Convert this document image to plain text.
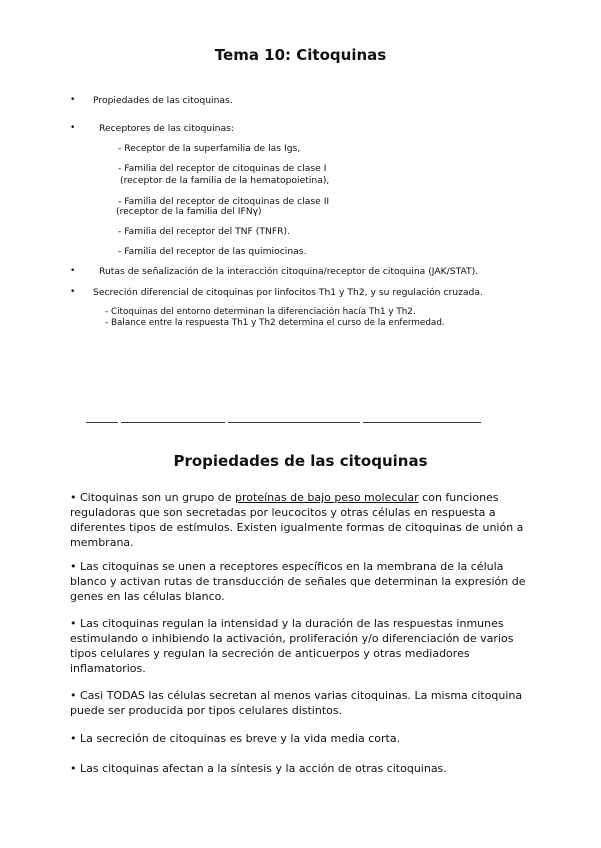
Tema 10: Citoquinas
• Propiedades de las citoquinas.
•	Receptores de las citoquinas:
- Receptor de la superfamilia de las Igs,
- Familia del receptor de citoquinas de clase I
(receptor de la familia de la hematopoietina),
- Familia del receptor de citoquinas de clase II
(receptor de la familia del IFNγ)
- Familia del receptor del TNF (TNFR).
- Familia del receptor de las quimiocinas.
•	Rutas de señalización de la interacción citoquina/receptor de citoquina (JAK/STAT).
• Secreción diferencial de citoquinas por linfocitos Th1 y Th2, y su regulación cruzada.
- Citoquinas del entorno determinan la diferenciación hacía Th1 y Th2.
- Balance entre la respuesta Th1 y Th2 determina el curso de la enfermedad.
Propiedades de las citoquinas
• Citoquinas son un grupo de proteínas de bajo peso molecular con funciones
reguladoras que son secretadas por leucocitos y otras células en respuesta a
diferentes tipos de estímulos. Existen igualmente formas de citoquinas de unión a
membrana.
• Las citoquinas se unen a receptores específicos en la membrana de la célula
blanco y activan rutas de transducción de señales que determinan la expresión de
genes en las células blanco.
• Las citoquinas regulan la intensidad y la duración de las respuestas inmunes
estimulando o inhibiendo la activación, proliferación y/o diferenciación de varios
tipos celulares y regulan la secreción de anticuerpos y otras mediadores
inflamatorios.
• Casi TODAS las células secretan al menos varias citoquinas. La misma citoquina
puede ser producida por tipos celulares distintos.
• La secreción de citoquinas es breve y la vida media corta.
• Las citoquinas afectan a la síntesis y la acción de otras citoquinas.
